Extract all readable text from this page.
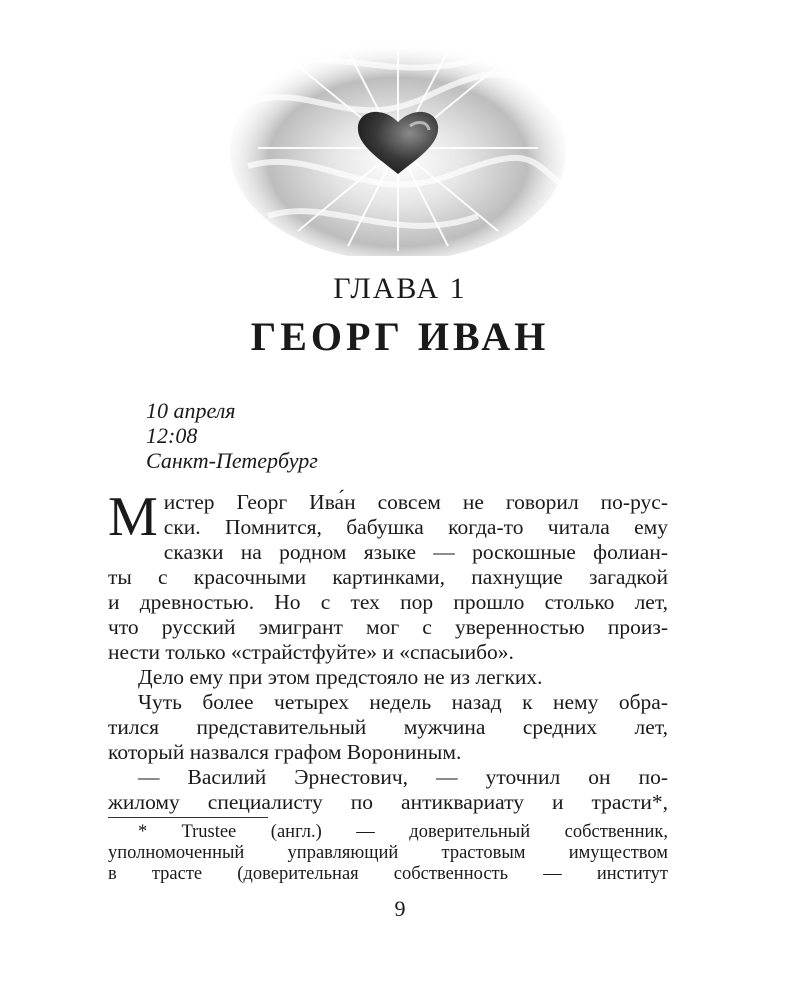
ГЛАВА 1
ГЕОРГ ИВАН
10 апреля
12:08
Санкт-Петербург
М истер Георг Ива́н совсем не говорил по-рус-
ски. Помнится, бабушка когда-то читала ему
сказки на родном языке — роскошные фолиан-
ты с красочными картинками, пахнущие загадкой
и древностью. Но с тех пор прошло столько лет,
что русский эмигрант мог с уверенностью произ-
нести только «страйстфуйте» и «спасыибо».
Дело ему при этом предстояло не из легких.
Чуть более четырех недель назад к нему обра-
тился представительный мужчина средних лет,
который назвался графом Ворониным.
— Василий Эрнестович, — уточнил он по-
жилому специалисту по антиквариату и трасти*,
* Trustee (англ.) — доверительный собственник,
уполномоченный управляющий трастовым имуществом
в трасте (доверительная собственность — институт
9
